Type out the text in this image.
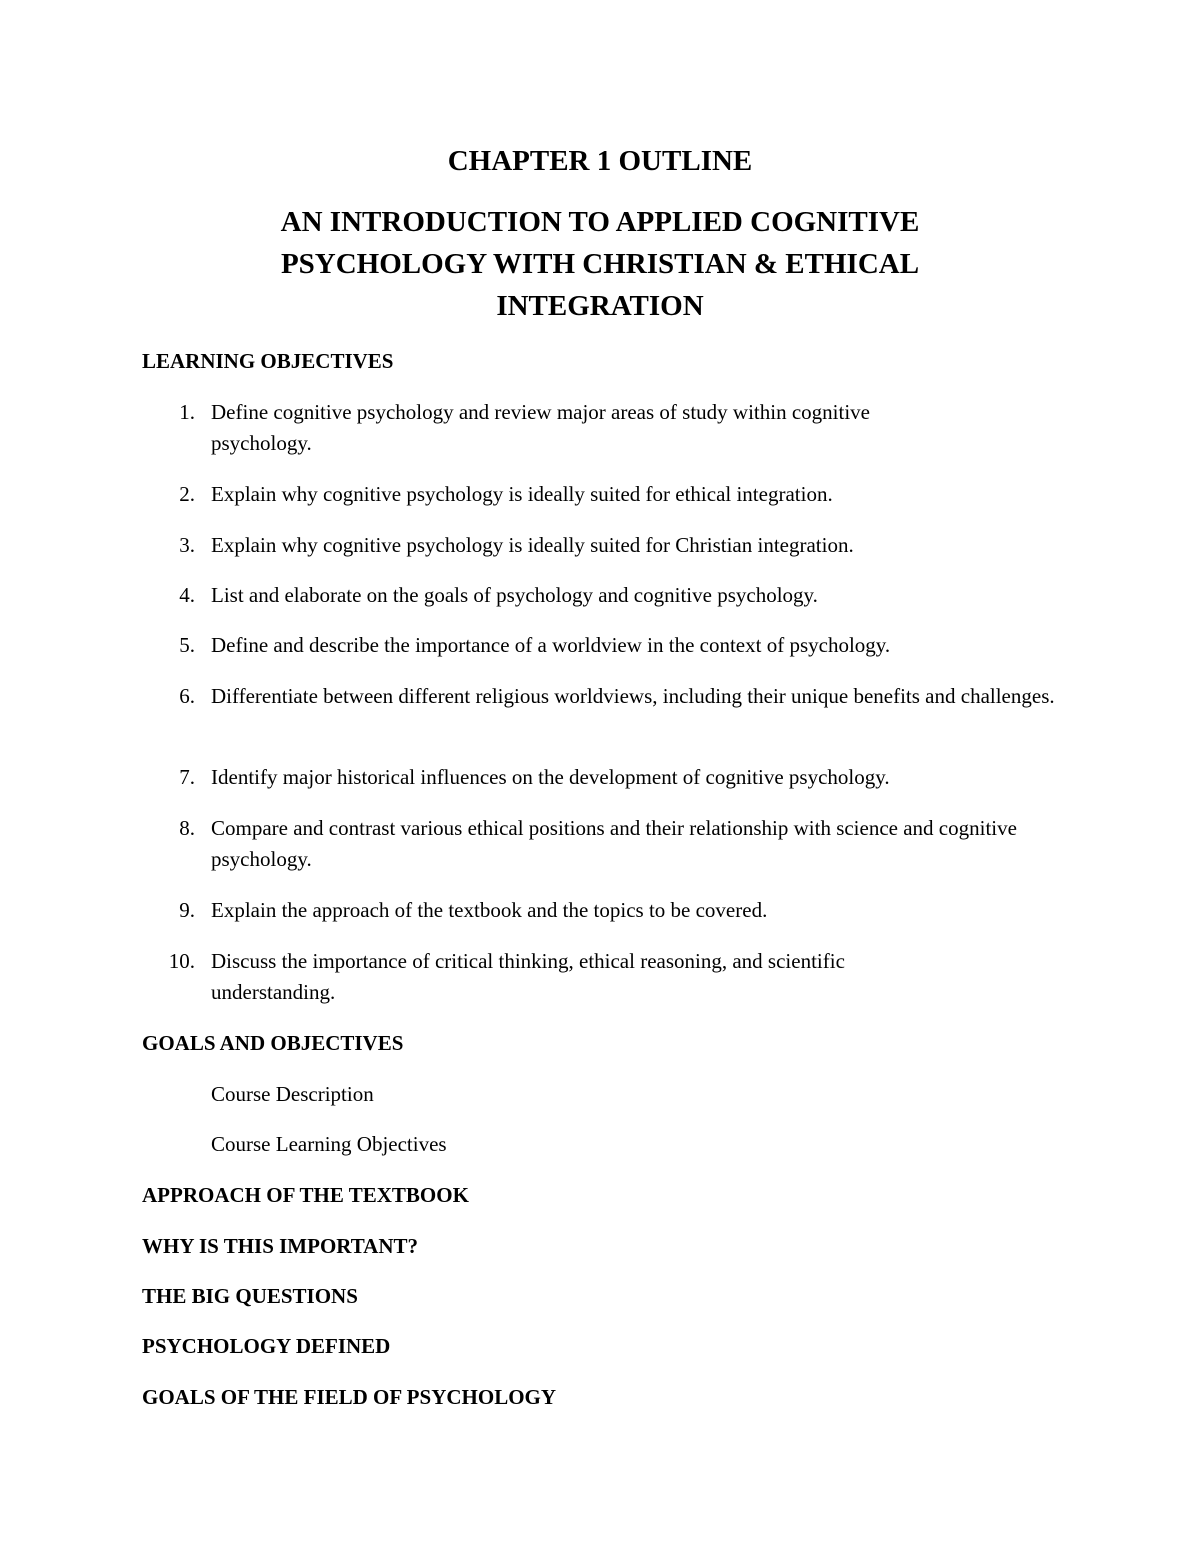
CHAPTER 1 OUTLINE
AN INTRODUCTION TO APPLIED COGNITIVE
PSYCHOLOGY WITH CHRISTIAN & ETHICAL
INTEGRATION
LEARNING OBJECTIVES
1. Define cognitive psychology and review major areas of study within cognitive psychology.
2. Explain why cognitive psychology is ideally suited for ethical integration.
3. Explain why cognitive psychology is ideally suited for Christian integration.
4. List and elaborate on the goals of psychology and cognitive psychology.
5. Define and describe the importance of a worldview in the context of psychology.
6. Differentiate between different religious worldviews, including their unique benefits and challenges.
7. Identify major historical influences on the development of cognitive psychology.
8. Compare and contrast various ethical positions and their relationship with science and cognitive psychology.
9. Explain the approach of the textbook and the topics to be covered.
10. Discuss the importance of critical thinking, ethical reasoning, and scientific understanding.
GOALS AND OBJECTIVES
Course Description
Course Learning Objectives
APPROACH OF THE TEXTBOOK
WHY IS THIS IMPORTANT?
THE BIG QUESTIONS
PSYCHOLOGY DEFINED
GOALS OF THE FIELD OF PSYCHOLOGY
